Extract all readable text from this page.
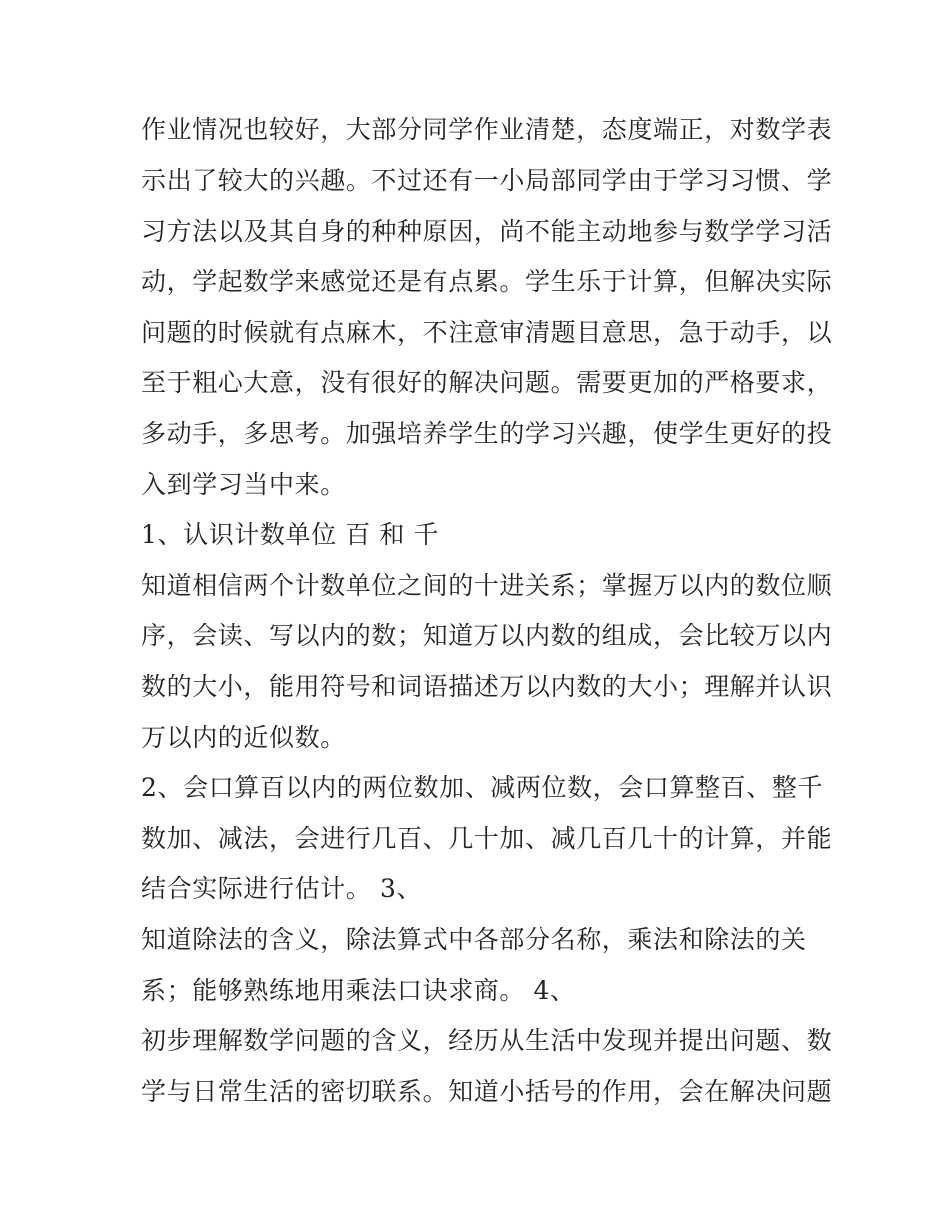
作业情况也较好，大部分同学作业清楚，态度端正，对数学表
示出了较大的兴趣。不过还有一小局部同学由于学习习惯、学
习方法以及其自身的种种原因，尚不能主动地参与数学学习活
动，学起数学来感觉还是有点累。学生乐于计算，但解决实际
问题的时候就有点麻木，不注意审清题目意思，急于动手，以
至于粗心大意，没有很好的解决问题。需要更加的严格要求，
多动手，多思考。加强培养学生的学习兴趣，使学生更好的投
入到学习当中来。
1、认识计数单位 百 和 千
知道相信两个计数单位之间的十进关系；掌握万以内的数位顺
序，会读、写以内的数；知道万以内数的组成，会比较万以内
数的大小，能用符号和词语描述万以内数的大小；理解并认识
万以内的近似数。
2、会口算百以内的两位数加、减两位数，会口算整百、整千
数加、减法，会进行几百、几十加、减几百几十的计算，并能
结合实际进行估计。 3、
知道除法的含义，除法算式中各部分名称，乘法和除法的关
系；能够熟练地用乘法口诀求商。 4、
初步理解数学问题的含义，经历从生活中发现并提出问题、数
学与日常生活的密切联系。知道小括号的作用，会在解决问题
